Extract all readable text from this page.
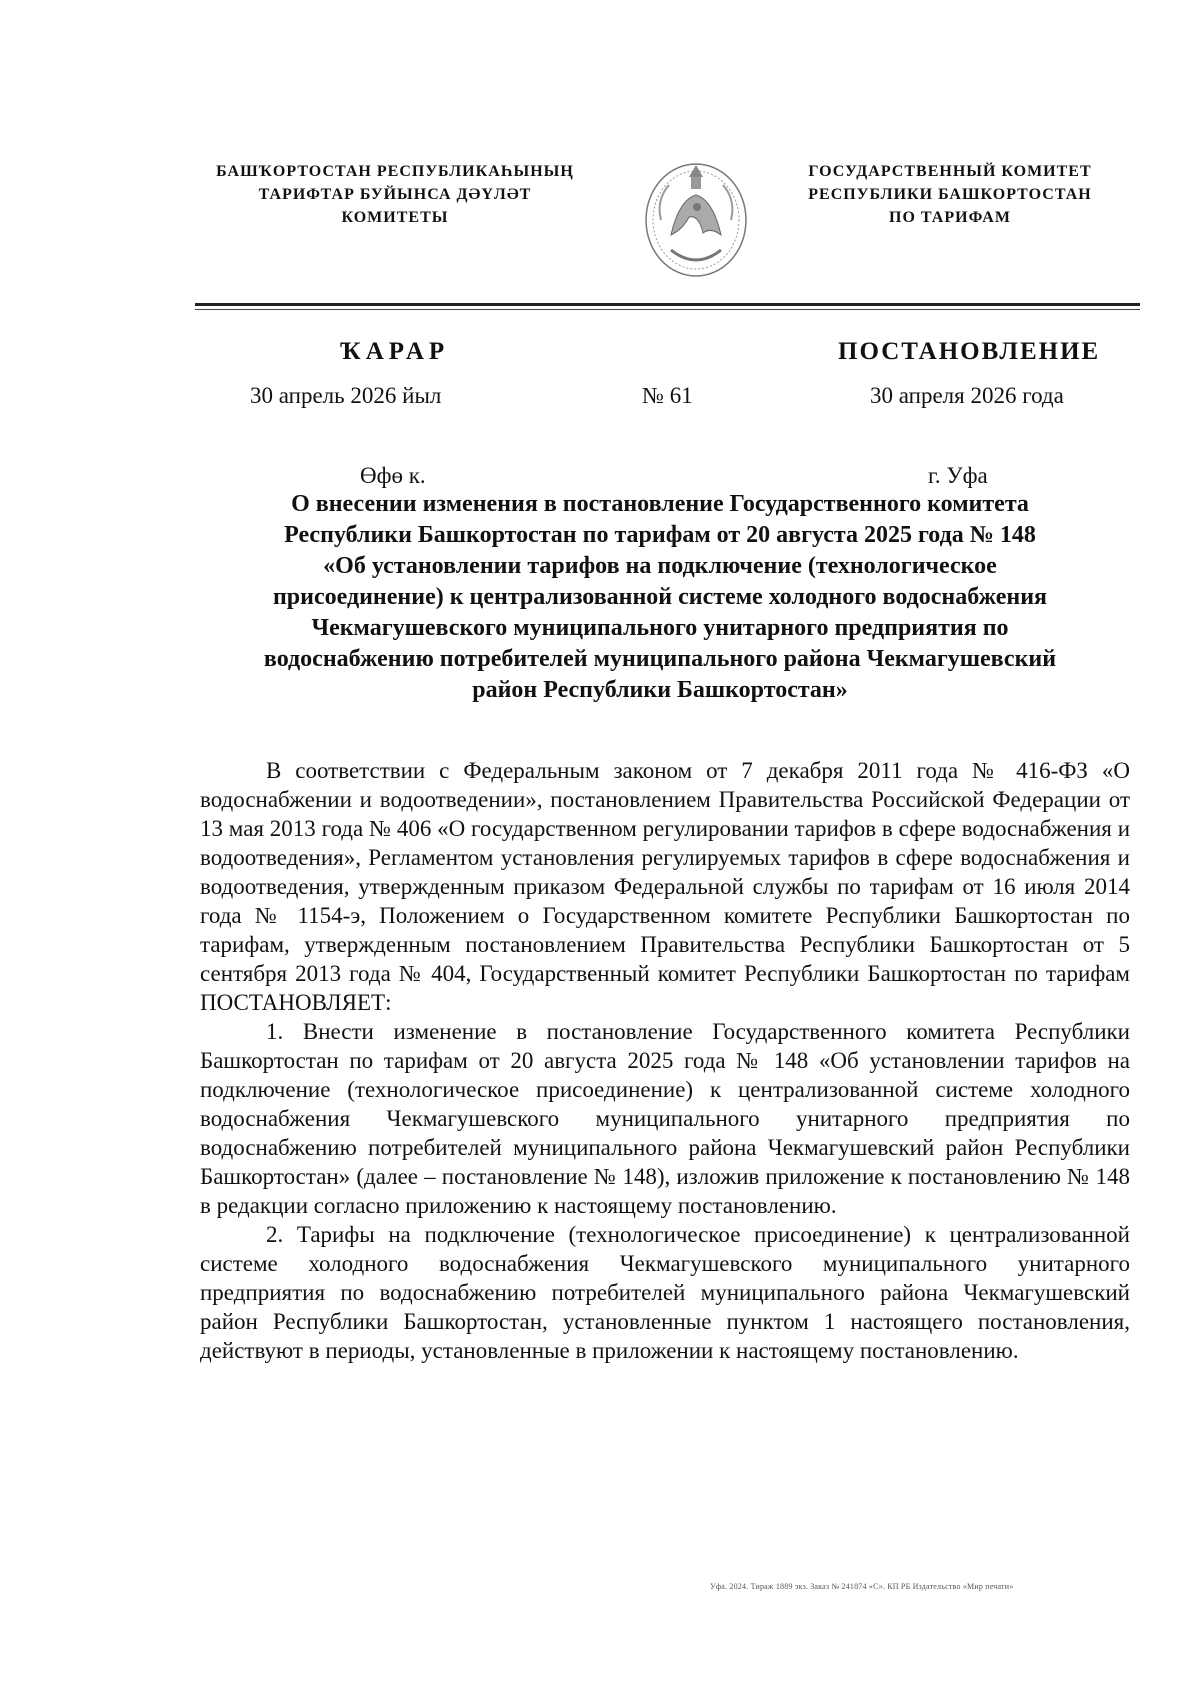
БАШҠОРТОСТАН РЕСПУБЛИКАҺЫНЫҢ
ТАРИФТАР БУЙЫНСА ДӘҮЛӘТ
КОМИТЕТЫ
ГОСУДАРСТВЕННЫЙ КОМИТЕТ
РЕСПУБЛИКИ БАШКОРТОСТАН
ПО ТАРИФАМ
ҠАРАР	ПОСТАНОВЛЕНИЕ
30 апрель 2026 йыл	№ 61	30 апреля 2026 года
Өфө к.	г. Уфа
О внесении изменения в постановление Государственного комитета
Республики Башкортостан по тарифам от 20 августа 2025 года № 148
«Об установлении тарифов на подключение (технологическое
присоединение) к централизованной системе холодного водоснабжения
Чекмагушевского муниципального унитарного предприятия по
водоснабжению потребителей муниципального района Чекмагушевский
район Республики Башкортостан»

В соответствии с Федеральным законом от 7 декабря 2011 года № 416-ФЗ «О водоснабжении и водоотведении», постановлением Правительства Российской Федерации от 13 мая 2013 года № 406 «О государственном регулировании тарифов в сфере водоснабжения и водоотведения», Регламентом установления регулируемых тарифов в сфере водоснабжения и водоотведения, утвержденным приказом Федеральной службы по тарифам от 16 июля 2014 года № 1154-э, Положением о Государственном комитете Республики Башкортостан по тарифам, утвержденным постановлением Правительства Республики Башкортостан от 5 сентября 2013 года № 404, Государственный комитет Республики Башкортостан по тарифам ПОСТАНОВЛЯЕТ:

1. Внести изменение в постановление Государственного комитета Республики Башкортостан по тарифам от 20 августа 2025 года № 148 «Об установлении тарифов на подключение (технологическое присоединение) к централизованной системе холодного водоснабжения Чекмагушевского муниципального унитарного предприятия по водоснабжению потребителей муниципального района Чекмагушевский район Республики Башкортостан» (далее – постановление № 148), изложив приложение к постановлению № 148 в редакции согласно приложению к настоящему постановлению.

2. Тарифы на подключение (технологическое присоединение) к централизованной системе холодного водоснабжения Чекмагушевского муниципального унитарного предприятия по водоснабжению потребителей муниципального района Чекмагушевский район Республики Башкортостан, установленные пунктом 1 настоящего постановления, действуют в периоды, установленные в приложении к настоящему постановлению.

Уфа. 2024. Тираж 1889 экз. Заказ № 241874 «С». КП РБ Издательство «Мир печати»
